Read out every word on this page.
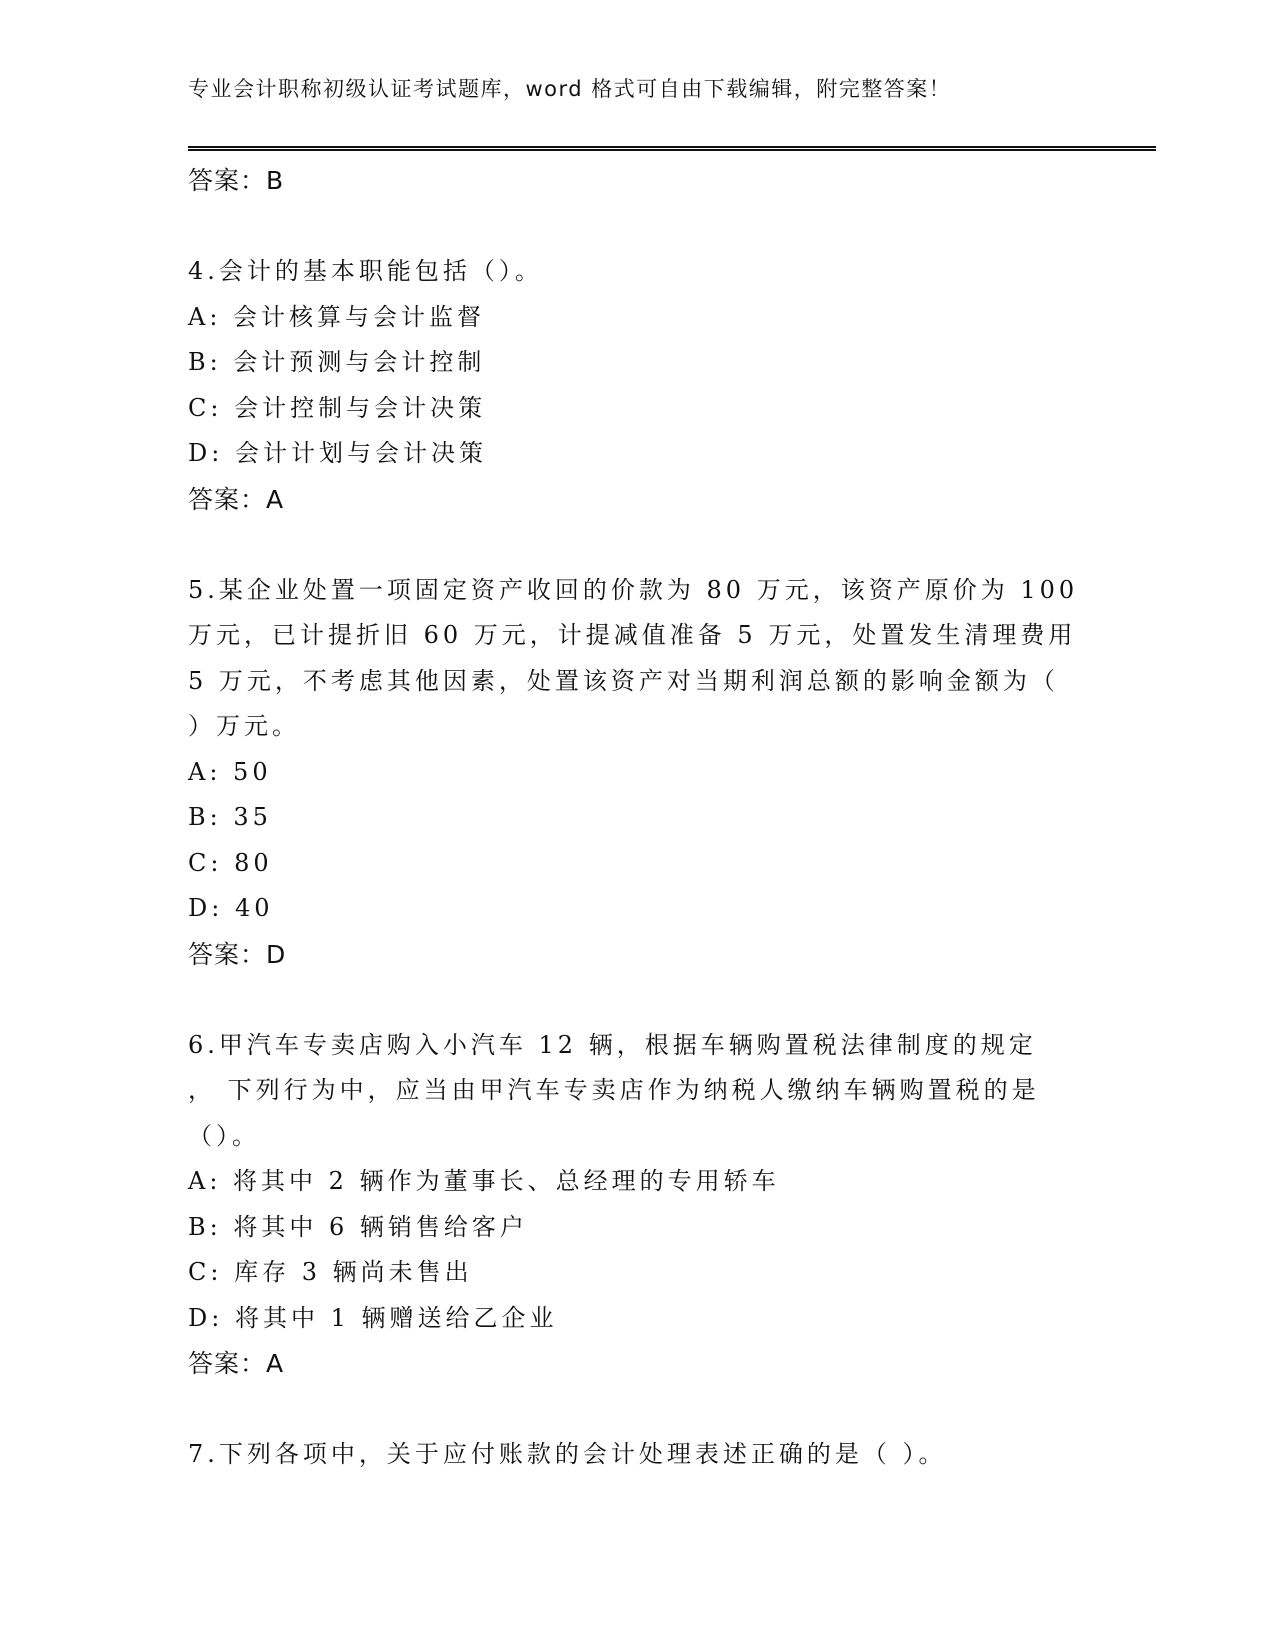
专业会计职称初级认证考试题库，word 格式可自由下载编辑，附完整答案！
答案：B
4.会计的基本职能包括（）。
A: 会计核算与会计监督
B: 会计预测与会计控制
C: 会计控制与会计决策
D: 会计计划与会计决策
答案：A
5.某企业处置一项固定资产收回的价款为 80 万元，该资产原价为 100
万元，已计提折旧 60 万元，计提减值准备 5 万元，处置发生清理费用
5 万元，不考虑其他因素，处置该资产对当期利润总额的影响金额为（
）万元。
A: 50
B: 35
C: 80
D: 40
答案：D
6.甲汽车专卖店购入小汽车 12 辆，根据车辆购置税法律制度的规定
， 下列行为中，应当由甲汽车专卖店作为纳税人缴纳车辆购置税的是
（）。
A: 将其中 2 辆作为董事长、总经理的专用轿车
B: 将其中 6 辆销售给客户
C: 库存 3 辆尚未售出
D: 将其中 1 辆赠送给乙企业
答案：A
7.下列各项中，关于应付账款的会计处理表述正确的是（ ）。
